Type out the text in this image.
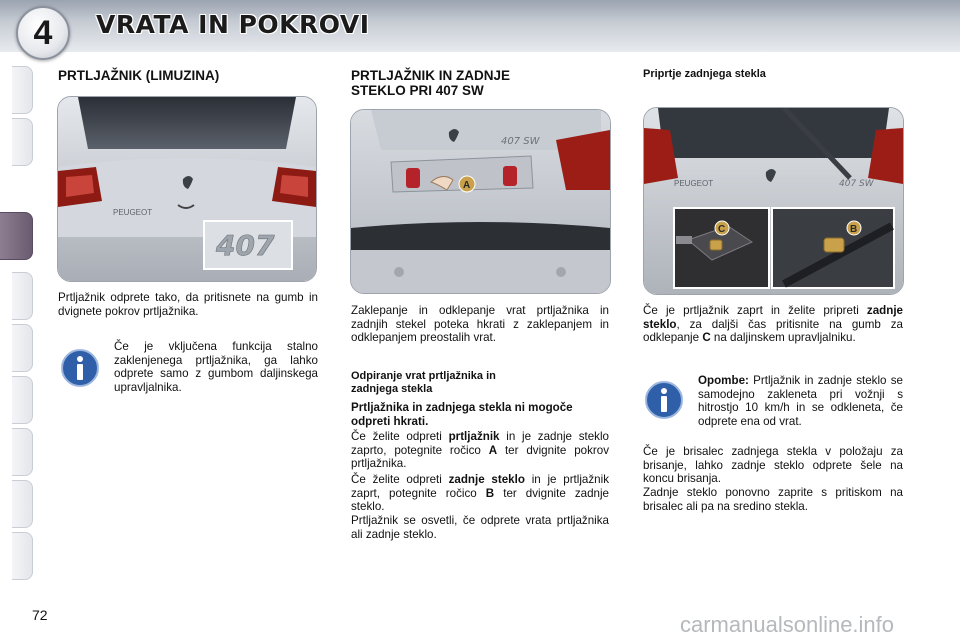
4	VRATA IN POKROVI
PRTLJAŽNIK (LIMUZINA)
PEUGEOT
407

Prtljažnik odprete tako, da pritisnete na gumb in dvignete pokrov prtljažnika.

Če je vključena funkcija stalno zaklenjenega prtljažnika, ga lahko odprete samo z gumbom daljinskega upravljalnika.

PRTLJAŽNIK IN ZADNJE
STEKLO PRI 407 SW
407 SW
A

Zaklepanje in odklepanje vrat prtljažnika in zadnjih stekel poteka hkrati z zaklepanjem in odklepanjem preostalih vrat.

Odpiranje vrat prtljažnika in
zadnjega stekla

Prtljažnika in zadnjega stekla ni mogoče odpreti hkrati.

Če želite odpreti prtljažnik in je zadnje steklo zaprto, potegnite ročico A ter dvignite pokrov prtljažnika.

Če želite odpreti zadnje steklo in je prtljažnik zaprt, potegnite ročico B ter dvignite zadnje steklo.

Prtljažnik se osvetli, če odprete vrata prtljažnika ali zadnje steklo.

Priprtje zadnjega stekla
PEUGEOT	407 SW
C	B

Če je prtljažnik zaprt in želite pripreti zadnje steklo, za daljši čas pritisnite na gumb za odklepanje C na daljinskem upravljalniku.

Opombe: Prtljažnik in zadnje steklo se samodejno zakleneta pri vožnji s hitrostjo 10 km/h in se odkleneta, če odprete ena od vrat.

Če je brisalec zadnjega stekla v položaju za brisanje, lahko zadnje steklo odprete šele na koncu brisanja.

Zadnje steklo ponovno zaprite s pritiskom na brisalec ali pa na sredino stekla.

72	carmanualsonline.info
